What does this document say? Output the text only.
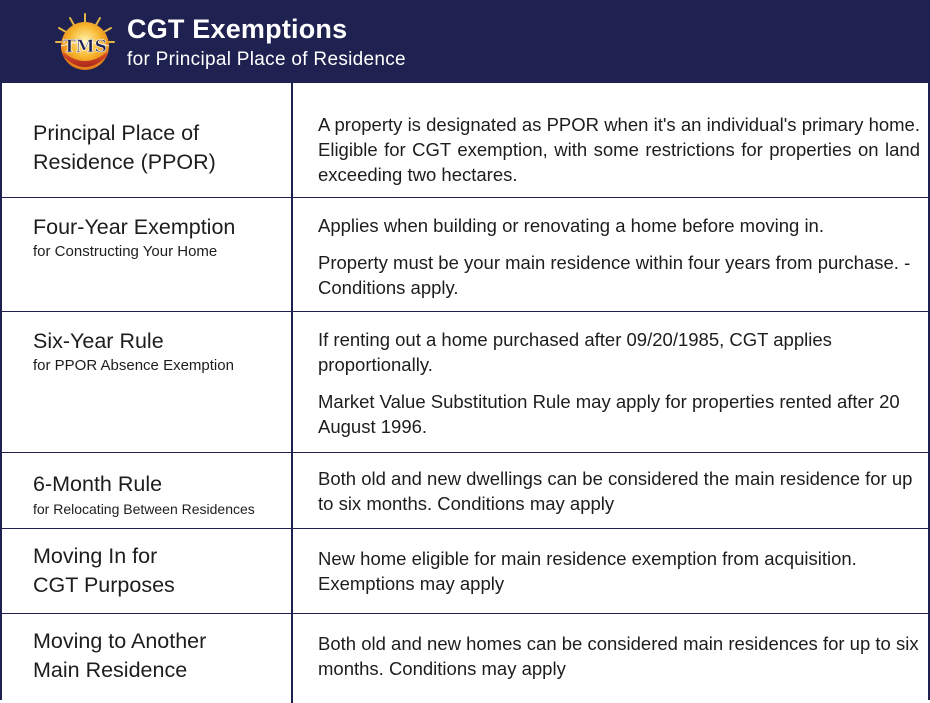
TMS
CGT Exemptions
for Principal Place of Residence
Principal Place of
Residence (PPOR)

A property is designated as PPOR when it's an individual's primary home. Eligible for CGT exemption, with some restrictions for properties on land exceeding two hectares.

Four-Year Exemption
for Constructing Your Home

Applies when building or renovating a home before moving in.

Property must be your main residence within four years from purchase. - Conditions apply.

Six-Year Rule
for PPOR Absence Exemption

If renting out a home purchased after 09/20/1985, CGT applies proportionally.

Market Value Substitution Rule may apply for properties rented after 20 August 1996.

6-Month Rule
for Relocating Between Residences

Both old and new dwellings can be considered the main residence for up to six months. Conditions may apply

Moving In for
CGT Purposes

New home eligible for main residence exemption from acquisition. Exemptions may apply

Moving to Another
Main Residence

Both old and new homes can be considered main residences for up to six months. Conditions may apply
